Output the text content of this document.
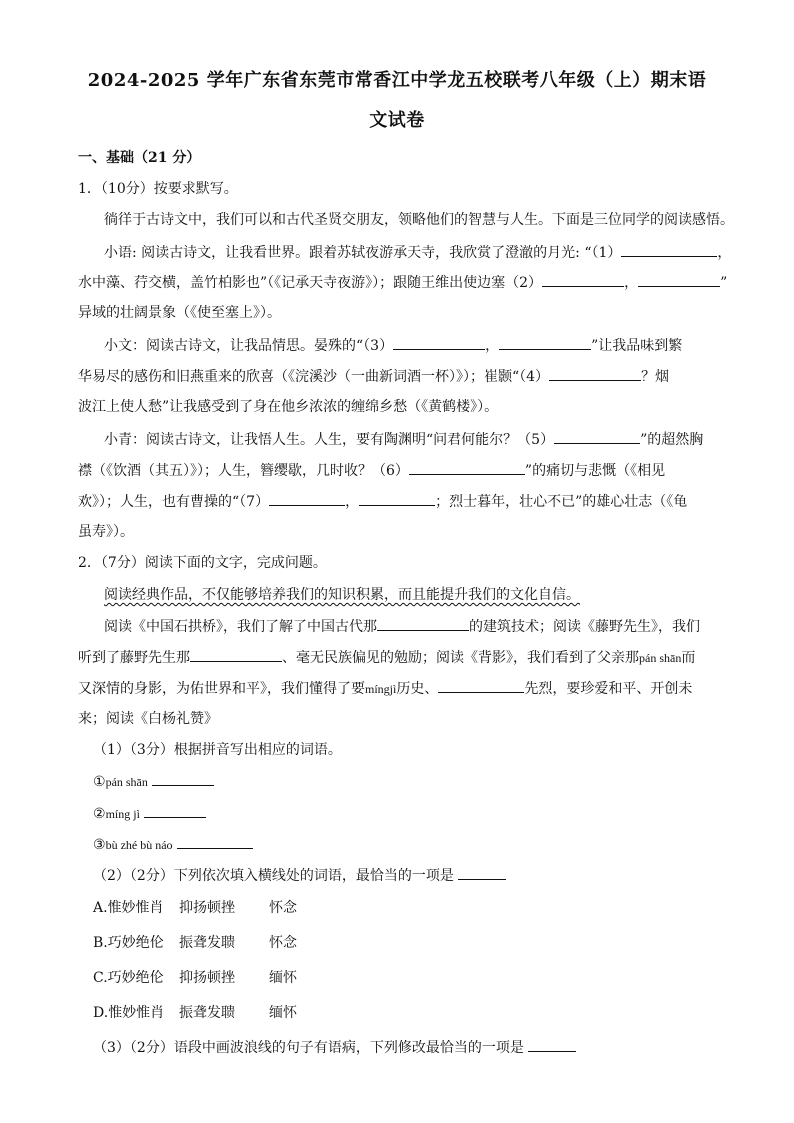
2024-2025 学年广东省东莞市常香江中学龙五校联考八年级（上）期末语
文试卷
一、基础（21 分）
1．（10分）按要求默写。
徜徉于古诗文中，我们可以和古代圣贤交朋友，领略他们的智慧与人生。下面是三位同学的阅读感悟。
小语: 阅读古诗文，让我看世界。跟着苏轼夜游承天寺，我欣赏了澄澈的月光: “（1）	，
水中藻、荇交横，盖竹柏影也”（《记承天寺夜游》）；跟随王维出使边塞（2）	，	”
异域的壮阔景象（《使至塞上》）。
小文：阅读古诗文，让我品情思。晏殊的“（3）	，	”让我品味到繁
华易尽的感伤和旧燕重来的欣喜（《浣溪沙（一曲新词酒一杯）》）；崔颢“（4）	？烟
波江上使人愁”让我感受到了身在他乡浓浓的缠绵乡愁（《黄鹤楼》）。
小青：阅读古诗文，让我悟人生。人生，要有陶渊明“问君何能尔？（5）	”的超然胸
襟（《饮酒（其五）》）；人生，簪缨歇，几时收？（6）	”的痛切与悲慨（《相见
欢》）；人生，也有曹操的“（7）	，	；烈士暮年，壮心不已”的雄心壮志（《龟
虽寿》）。
2．（7分）阅读下面的文字，完成问题。
阅读经典作品，不仅能够培养我们的知识积累，而且能提升我们的文化自信。
阅读《中国石拱桥》，我们了解了中国古代那	的建筑技术；阅读《藤野先生》，我们
听到了藤野先生那	、毫无民族偏见的勉励；阅读《背影》，我们看到了父亲那pán shān而
又深情的身影，为佑世界和平》，我们懂得了要míngjì历史、	先烈，要珍爱和平、开创未
来；阅读《白杨礼赞》
（1）（3分）根据拼音写出相应的词语。
①pán shān
②míng jì
③bù zhé bù náo
（2）（2分）下列依次填入横线处的词语，最恰当的一项是
A.惟妙惟肖 抑扬顿挫 怀念
B.巧妙绝伦 振聋发聩 怀念
C.巧妙绝伦 抑扬顿挫 缅怀
D.惟妙惟肖 振聋发聩 缅怀
（3）（2分）语段中画波浪线的句子有语病，下列修改最恰当的一项是
